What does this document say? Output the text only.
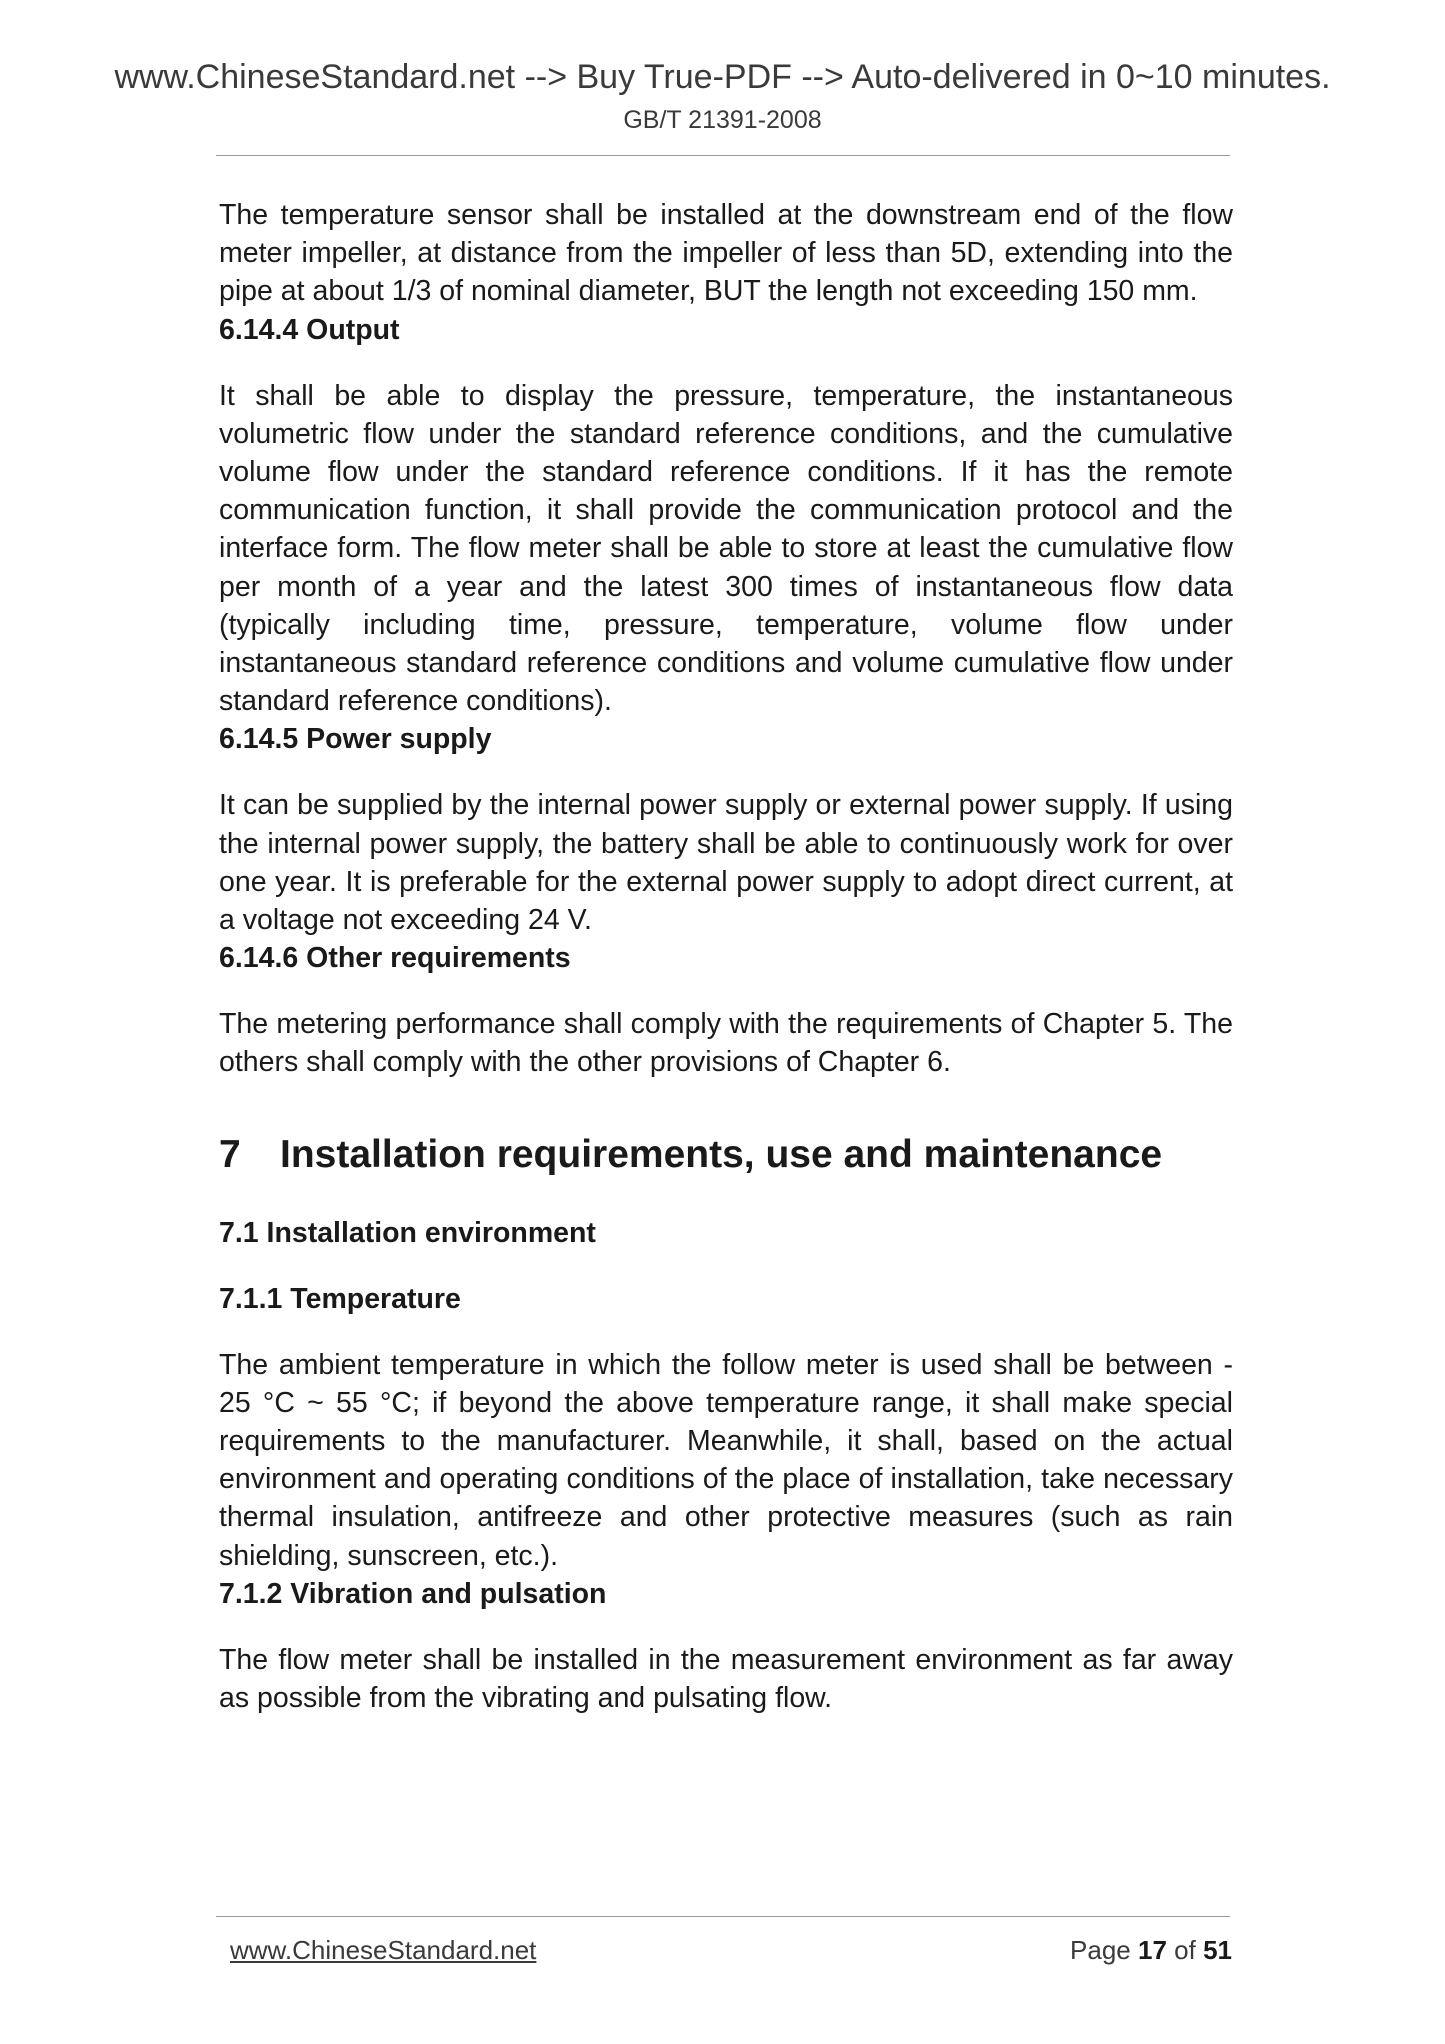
www.ChineseStandard.net --> Buy True-PDF --> Auto-delivered in 0~10 minutes.
GB/T 21391-2008

The temperature sensor shall be installed at the downstream end of the flow meter impeller, at distance from the impeller of less than 5D, extending into the pipe at about 1/3 of nominal diameter, BUT the length not exceeding 150 mm.

6.14.4 Output

It shall be able to display the pressure, temperature, the instantaneous volumetric flow under the standard reference conditions, and the cumulative volume flow under the standard reference conditions. If it has the remote communication function, it shall provide the communication protocol and the interface form. The flow meter shall be able to store at least the cumulative flow per month of a year and the latest 300 times of instantaneous flow data (typically including time, pressure, temperature, volume flow under instantaneous standard reference conditions and volume cumulative flow under standard reference conditions).

6.14.5 Power supply

It can be supplied by the internal power supply or external power supply. If using the internal power supply, the battery shall be able to continuously work for over one year. It is preferable for the external power supply to adopt direct current, at a voltage not exceeding 24 V.

6.14.6 Other requirements

The metering performance shall comply with the requirements of Chapter 5. The others shall comply with the other provisions of Chapter 6.

7 Installation requirements, use and maintenance
7.1 Installation environment
7.1.1 Temperature

The ambient temperature in which the follow meter is used shall be between - 25 °C ~ 55 °C; if beyond the above temperature range, it shall make special requirements to the manufacturer. Meanwhile, it shall, based on the actual environment and operating conditions of the place of installation, take necessary thermal insulation, antifreeze and other protective measures (such as rain shielding, sunscreen, etc.).

7.1.2 Vibration and pulsation

The flow meter shall be installed in the measurement environment as far away as possible from the vibrating and pulsating flow.

www.ChineseStandard.net	Page 17 of 51
